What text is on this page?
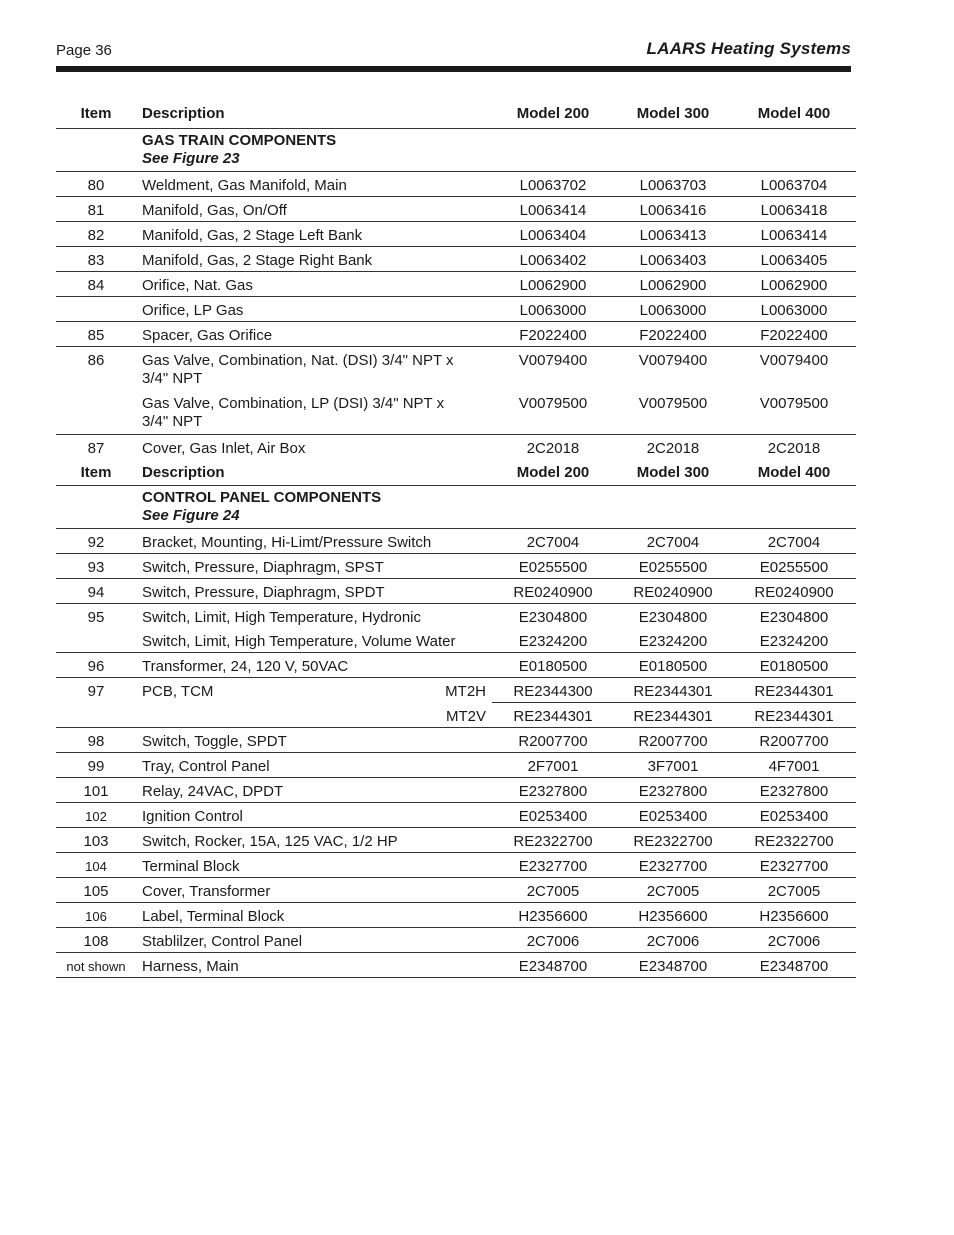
Page 36	LAARS Heating Systems
Item	Description	Model 200	Model 300	Model 400

	GAS TRAIN COMPONENTS
See Figure 23			

80	Weldment, Gas Manifold, Main	L0063702	L0063703	L0063704
81	Manifold, Gas, On/Off	L0063414	L0063416	L0063418
82	Manifold, Gas, 2 Stage Left Bank	L0063404	L0063413	L0063414
83	Manifold, Gas, 2 Stage Right Bank	L0063402	L0063403	L0063405
84	Orifice, Nat. Gas	L0062900	L0062900	L0062900
	Orifice, LP Gas	L0063000	L0063000	L0063000
85	Spacer, Gas Orifice	F2022400	F2022400	F2022400
86	Gas Valve, Combination, Nat. (DSI) 3/4" NPT x 3/4" NPT	V0079400	V0079400	V0079400
	Gas Valve, Combination, LP (DSI) 3/4" NPT x 3/4" NPT	V0079500	V0079500	V0079500
87	Cover, Gas Inlet, Air Box	2C2018	2C2018	2C2018
Item	Description	Model 200	Model 300	Model 400

	CONTROL PANEL COMPONENTS
See Figure 24			

92	Bracket, Mounting, Hi-Limt/Pressure Switch	2C7004	2C7004	2C7004
93	Switch, Pressure, Diaphragm, SPST	E0255500	E0255500	E0255500
94	Switch, Pressure, Diaphragm, SPDT	RE0240900	RE0240900	RE0240900
95	Switch, Limit, High Temperature, Hydronic	E2304800	E2304800	E2304800
	Switch, Limit, High Temperature, Volume Water	E2324200	E2324200	E2324200
96	Transformer, 24, 120 V, 50VAC	E0180500	E0180500	E0180500
97	PCB, TCM MT2H	RE2344300	RE2344301	RE2344301

	MT2V	RE2344301	RE2344301	RE2344301
98	Switch, Toggle, SPDT	R2007700	R2007700	R2007700
99	Tray, Control Panel	2F7001	3F7001	4F7001
101	Relay, 24VAC, DPDT	E2327800	E2327800	E2327800
102	Ignition Control	E0253400	E0253400	E0253400
103	Switch, Rocker, 15A, 125 VAC, 1/2 HP	RE2322700	RE2322700	RE2322700
104	Terminal Block	E2327700	E2327700	E2327700
105	Cover, Transformer	2C7005	2C7005	2C7005
106	Label, Terminal Block	H2356600	H2356600	H2356600
108	Stablilzer, Control Panel	2C7006	2C7006	2C7006
not shown	Harness, Main	E2348700	E2348700	E2348700
